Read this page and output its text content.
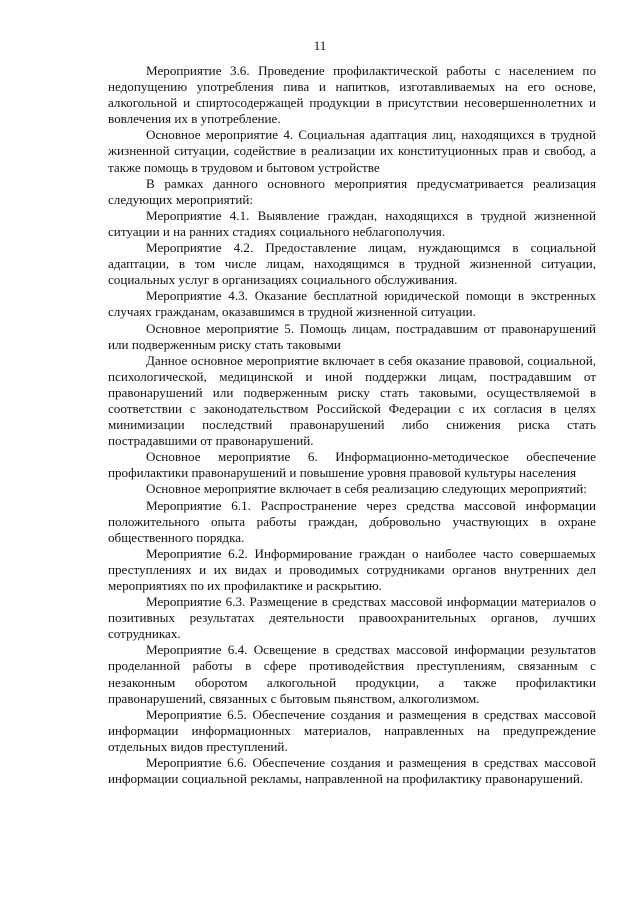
11

Мероприятие 3.6. Проведение профилактической работы с населением по недопущению употребления пива и напитков, изготавливаемых на его основе, алкогольной и спиртосодержащей продукции в присутствии несовершеннолетних и вовлечения их в употребление.

Основное мероприятие 4. Социальная адаптация лиц, находящихся в трудной жизненной ситуации, содействие в реализации их конституционных прав и свобод, а также помощь в трудовом и бытовом устройстве

В рамках данного основного мероприятия предусматривается реализация следующих мероприятий:

Мероприятие 4.1. Выявление граждан, находящихся в трудной жизненной ситуации и на ранних стадиях социального неблагополучия.

Мероприятие 4.2. Предоставление лицам, нуждающимся в социальной адаптации, в том числе лицам, находящимся в трудной жизненной ситуации, социальных услуг в организациях социального обслуживания.

Мероприятие 4.3. Оказание бесплатной юридической помощи в экстренных случаях гражданам, оказавшимся в трудной жизненной ситуации.

Основное мероприятие 5. Помощь лицам, пострадавшим от правонарушений или подверженным риску стать таковыми

Данное основное мероприятие включает в себя оказание правовой, социальной, психологической, медицинской и иной поддержки лицам, пострадавшим от правонарушений или подверженным риску стать таковыми, осуществляемой в соответствии с законодательством Российской Федерации с их согласия в целях минимизации последствий правонарушений либо снижения риска стать пострадавшими от правонарушений.

Основное мероприятие 6. Информационно-методическое обеспечение профилактики правонарушений и повышение уровня правовой культуры населения

Основное мероприятие включает в себя реализацию следующих мероприятий:

Мероприятие 6.1. Распространение через средства массовой информации положительного опыта работы граждан, добровольно участвующих в охране общественного порядка.

Мероприятие 6.2. Информирование граждан о наиболее часто совершаемых преступлениях и их видах и проводимых сотрудниками органов внутренних дел мероприятиях по их профилактике и раскрытию.

Мероприятие 6.3. Размещение в средствах массовой информации материалов о позитивных результатах деятельности правоохранительных органов, лучших сотрудниках.

Мероприятие 6.4. Освещение в средствах массовой информации результатов проделанной работы в сфере противодействия преступлениям, связанным с незаконным оборотом алкогольной продукции, а также профилактики правонарушений, связанных с бытовым пьянством, алкоголизмом.

Мероприятие 6.5. Обеспечение создания и размещения в средствах массовой информации информационных материалов, направленных на предупреждение отдельных видов преступлений.

Мероприятие 6.6. Обеспечение создания и размещения в средствах массовой информации социальной рекламы, направленной на профилактику правонарушений.
